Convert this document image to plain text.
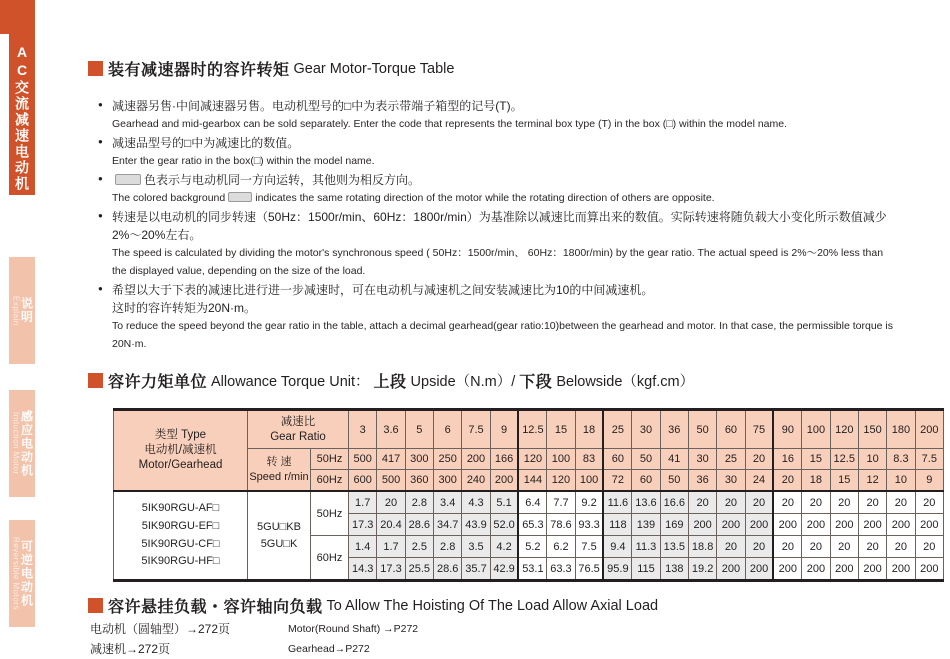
AC交流减速电动机
Explain 说明
Induction Motor 感应电动机
Reversible Motors 可逆电动机
装有减速器时的容许转矩 Gear Motor-Torque Table
● 减速器另售·中间减速器另售。电动机型号的□中为表示带端子箱型的记号(T)。
Gearhead and mid-gearbox can be sold separately. Enter the code that represents the terminal box type (T) in the box (□) within the model name.
● 减速品型号的□中为减速比的数值。
Enter the gear ratio in the box(□) within the model name.
●	色表示与电动机同一方向运转，其他则为相反方向。
The colored background	indicates the same rotating direction of the motor while the rotating direction of others are opposite.
● 转速是以电动机的同步转速（50Hz：1500r/min、60Hz：1800r/min）为基准除以减速比而算出来的数值。实际转速将随负载大小变化所示数值减少2%～20%左右。
The speed is calculated by dividing the motor's synchronous speed ( 50Hz：1500r/min、 60Hz：1800r/min) by the gear ratio. The actual speed is 2%～20% less than the displayed value, depending on the size of the load.
● 希望以大于下表的减速比进行进一步减速时，可在电动机与减速机之间安装减速比为10的中间减速机。
这时的容许转矩为20N·m。
To reduce the speed beyond the gear ratio in the table, attach a decimal gearhead(gear ratio:10)between the gearhead and motor. In that case, the permissible torque is 20N·m.
容许力矩单位 Allowance Torque Unit： 上段 Upside（N.m）/ 下段 Belowside（kgf.cm）
类型 Type
电动机/减速机
Motor/Gearhead	减速比
Gear Ratio		3	3.6	5	6	7.5	9	12.5	15	18	25	30	36	50	60	75	90	100	120	150	180	200
	转 速
Speed r/min	50Hz	500	417	300	250	200	166	120	100	83	60	50	41	30	25	20	16	15	12.5	10	8.3	7.5
		60Hz	600	500	360	300	240	200	144	120	100	72	60	50	36	30	24	20	18	15	12	10	9
5IK90RGU-AF□
5IK90RGU-EF□
5IK90RGU-CF□
5IK90RGU-HF□	5GU□KB
5GU□K	50Hz	1.7	20	2.8	3.4	4.3	5.1	6.4	7.7	9.2	11.6	13.6	16.6	20	20	20	20	20	20	20	20	20
			17.3	20.4	28.6	34.7	43.9	52.0	65.3	78.6	93.3	118	139	169	200	200	200	200	200	200	200	200	200
		60Hz	1.4	1.7	2.5	2.8	3.5	4.2	5.2	6.2	7.5	9.4	11.3	13.5	18.8	20	20	20	20	20	20	20	20
			14.3	17.3	25.5	28.6	35.7	42.9	53.1	63.3	76.5	95.9	115	138	19.2	200	200	200	200	200	200	200	200
容许悬挂负载・容许轴向负载 To Allow The Hoisting Of The Load Allow Axial Load
电动机（圆轴型）→272页	Motor(Round Shaft) →P272
减速机→272页	Gearhead→P272
